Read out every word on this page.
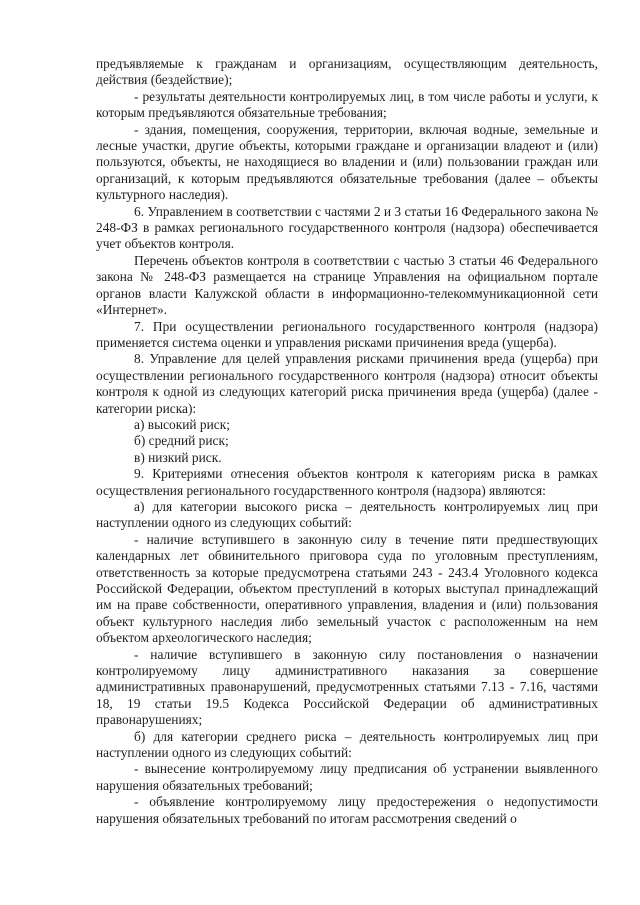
предъявляемые к гражданам и организациям, осуществляющим деятельность, действия (бездействие);

- результаты деятельности контролируемых лиц, в том числе работы и услуги, к которым предъявляются обязательные требования;

- здания, помещения, сооружения, территории, включая водные, земельные и лесные участки, другие объекты, которыми граждане и организации владеют и (или) пользуются, объекты, не находящиеся во владении и (или) пользовании граждан или организаций, к которым предъявляются обязательные требования (далее – объекты культурного наследия).

6. Управлением в соответствии с частями 2 и 3 статьи 16 Федерального закона № 248-ФЗ в рамках регионального государственного контроля (надзора) обеспечивается учет объектов контроля.

Перечень объектов контроля в соответствии с частью 3 статьи 46 Федерального закона № 248-ФЗ размещается на странице Управления на официальном портале органов власти Калужской области в информационно-телекоммуникационной сети «Интернет».

7. При осуществлении регионального государственного контроля (надзора) применяется система оценки и управления рисками причинения вреда (ущерба).

8. Управление для целей управления рисками причинения вреда (ущерба) при осуществлении регионального государственного контроля (надзора) относит объекты контроля к одной из следующих категорий риска причинения вреда (ущерба) (далее - категории риска):

а) высокий риск;

б) средний риск;

в) низкий риск.

9. Критериями отнесения объектов контроля к категориям риска в рамках осуществления регионального государственного контроля (надзора) являются:

а) для категории высокого риска – деятельность контролируемых лиц при наступлении одного из следующих событий:

- наличие вступившего в законную силу в течение пяти предшествующих календарных лет обвинительного приговора суда по уголовным преступлениям, ответственность за которые предусмотрена статьями 243 - 243.4 Уголовного кодекса Российской Федерации, объектом преступлений в которых выступал принадлежащий им на праве собственности, оперативного управления, владения и (или) пользования объект культурного наследия либо земельный участок с расположенным на нем объектом археологического наследия;

- наличие вступившего в законную силу постановления о назначении контролируемому лицу административного наказания за совершение административных правонарушений, предусмотренных статьями 7.13 - 7.16, частями 18, 19 статьи 19.5 Кодекса Российской Федерации об административных правонарушениях;

б) для категории среднего риска – деятельность контролируемых лиц при наступлении одного из следующих событий:

- вынесение контролируемому лицу предписания об устранении выявленного нарушения обязательных требований;

- объявление контролируемому лицу предостережения о недопустимости нарушения обязательных требований по итогам рассмотрения сведений о
